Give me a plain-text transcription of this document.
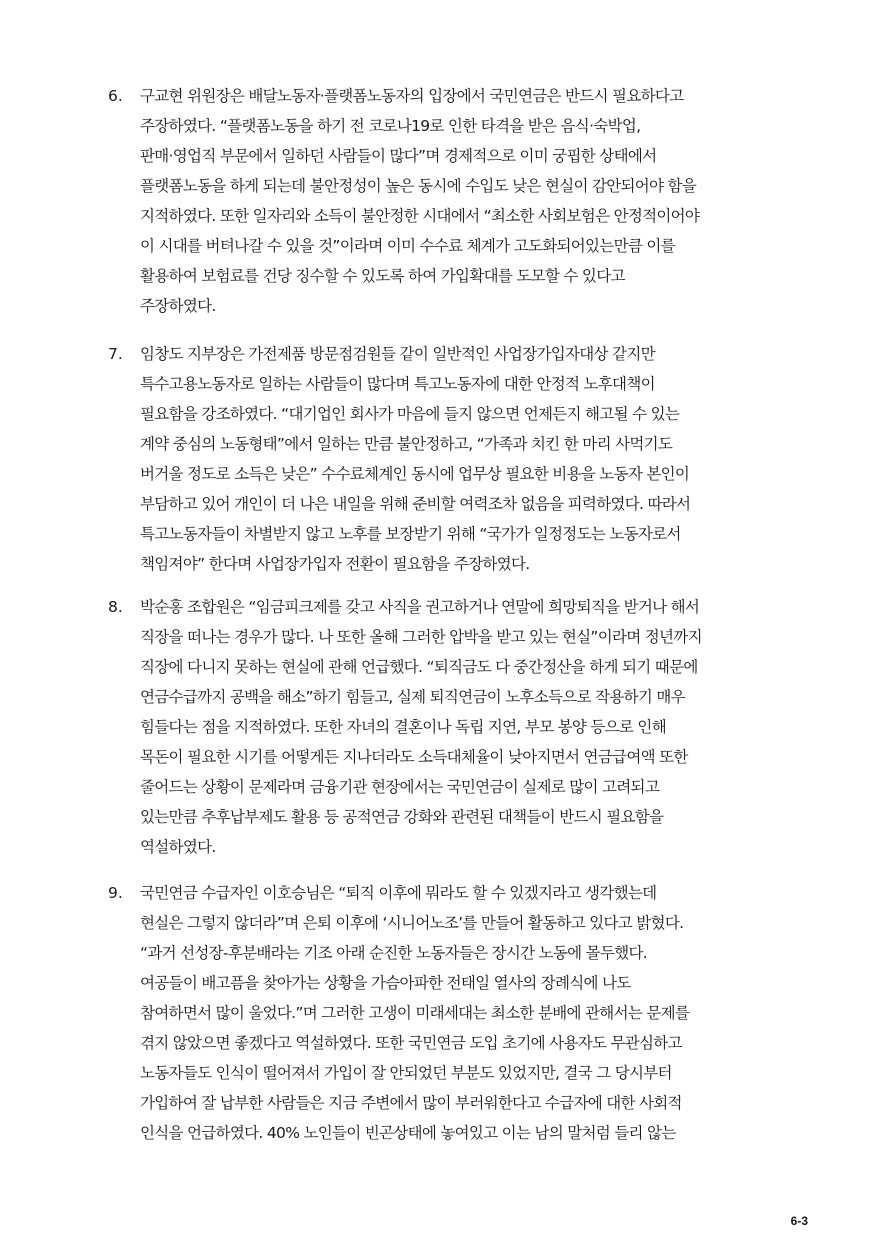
6.	구교현 위원장은 배달노동자·플랫폼노동자의 입장에서 국민연금은 반드시 필요하다고
주장하였다. “플랫폼노동을 하기 전 코로나19로 인한 타격을 받은 음식·숙박업,
판매·영업직 부문에서 일하던 사람들이 많다”며 경제적으로 이미 궁핍한 상태에서
플랫폼노동을 하게 되는데 불안정성이 높은 동시에 수입도 낮은 현실이 감안되어야 함을
지적하였다. 또한 일자리와 소득이 불안정한 시대에서 “최소한 사회보험은 안정적이어야
이 시대를 버텨나갈 수 있을 것”이라며 이미 수수료 체계가 고도화되어있는만큼 이를
활용하여 보험료를 건당 징수할 수 있도록 하여 가입확대를 도모할 수 있다고
주장하였다.
7.	임창도 지부장은 가전제품 방문점검원들 같이 일반적인 사업장가입자대상 같지만
특수고용노동자로 일하는 사람들이 많다며 특고노동자에 대한 안정적 노후대책이
필요함을 강조하였다. “대기업인 회사가 마음에 들지 않으면 언제든지 해고될 수 있는
계약 중심의 노동형태”에서 일하는 만큼 불안정하고, “가족과 치킨 한 마리 사먹기도
버거울 정도로 소득은 낮은” 수수료체계인 동시에 업무상 필요한 비용을 노동자 본인이
부담하고 있어 개인이 더 나은 내일을 위해 준비할 여력조차 없음을 피력하였다. 따라서
특고노동자들이 차별받지 않고 노후를 보장받기 위해 “국가가 일정정도는 노동자로서
책임져야” 한다며 사업장가입자 전환이 필요함을 주장하였다.
8.	박순홍 조합원은 “임금피크제를 갖고 사직을 권고하거나 연말에 희망퇴직을 받거나 해서
직장을 떠나는 경우가 많다. 나 또한 올해 그러한 압박을 받고 있는 현실”이라며 정년까지
직장에 다니지 못하는 현실에 관해 언급했다. “퇴직금도 다 중간정산을 하게 되기 때문에
연금수급까지 공백을 해소”하기 힘들고, 실제 퇴직연금이 노후소득으로 작용하기 매우
힘들다는 점을 지적하였다. 또한 자녀의 결혼이나 독립 지연, 부모 봉양 등으로 인해
목돈이 필요한 시기를 어떻게든 지나더라도 소득대체율이 낮아지면서 연금급여액 또한
줄어드는 상황이 문제라며 금융기관 현장에서는 국민연금이 실제로 많이 고려되고
있는만큼 추후납부제도 활용 등 공적연금 강화와 관련된 대책들이 반드시 필요함을
역설하였다.
9.	국민연금 수급자인 이호승님은 “퇴직 이후에 뭐라도 할 수 있겠지라고 생각했는데
현실은 그렇지 않더라”며 은퇴 이후에 ‘시니어노조’를 만들어 활동하고 있다고 밝혔다.
“과거 선성장-후분배라는 기조 아래 순진한 노동자들은 장시간 노동에 몰두했다.
여공들이 배고픔을 찾아가는 상황을 가슴아파한 전태일 열사의 장례식에 나도
참여하면서 많이 울었다.”며 그러한 고생이 미래세대는 최소한 분배에 관해서는 문제를
겪지 않았으면 좋겠다고 역설하였다. 또한 국민연금 도입 초기에 사용자도 무관심하고
노동자들도 인식이 떨어져서 가입이 잘 안되었던 부분도 있었지만, 결국 그 당시부터
가입하여 잘 납부한 사람들은 지금 주변에서 많이 부러워한다고 수급자에 대한 사회적
인식을 언급하였다. 40% 노인들이 빈곤상태에 놓여있고 이는 남의 말처럼 들리 않는
6-3
